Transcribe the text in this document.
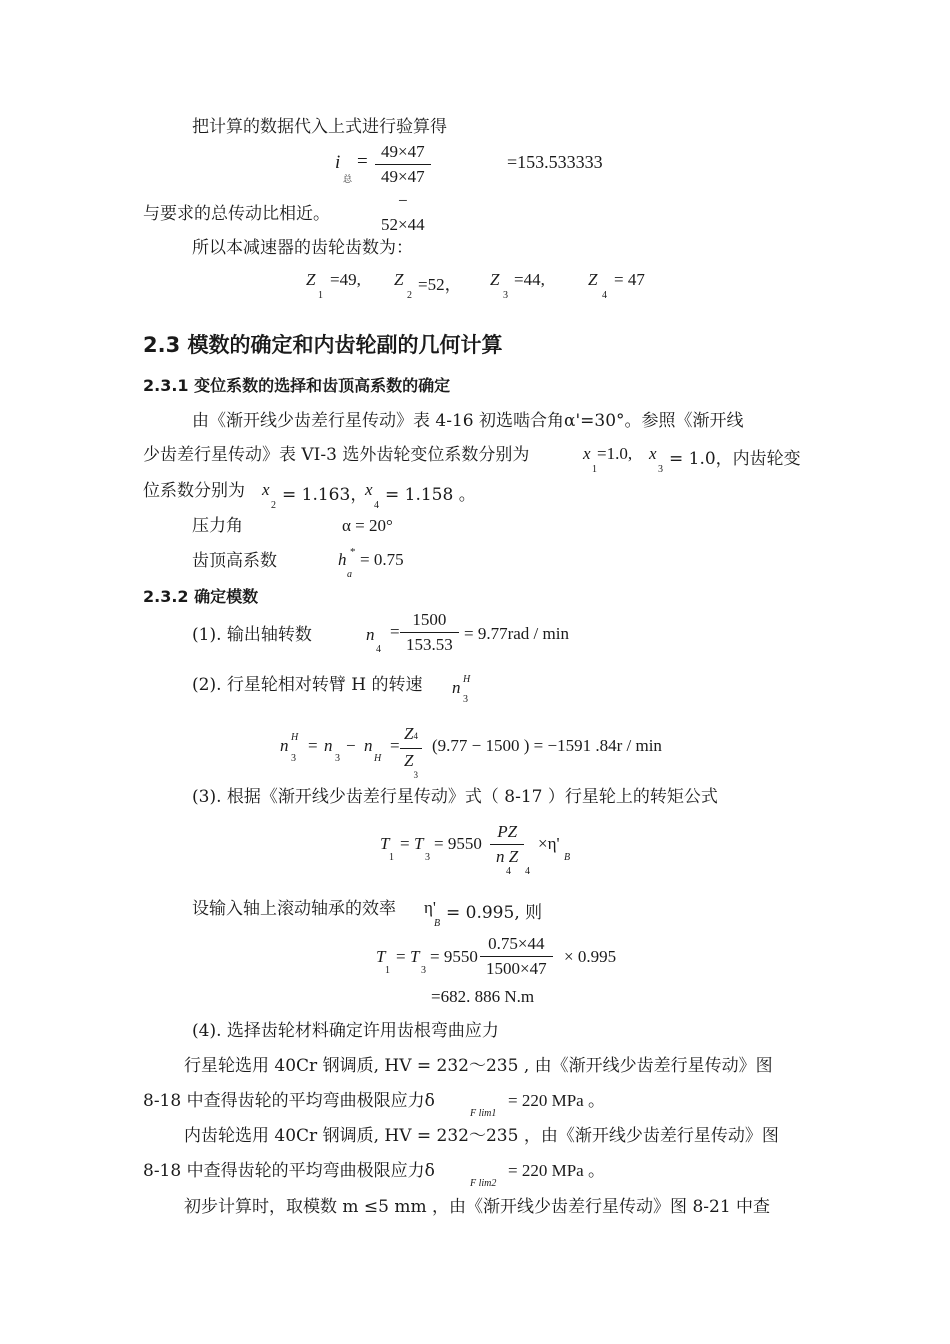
把计算的数据代入上式进行验算得
i
总
= $\frac{49\times 47}{49\times 47 - 52\times 44}$	=153.533333
与要求的总传动比相近。
所以本减速器的齿轮齿数为：
Z
1
=49, Z
2
=52， Z
3
=44,	Z
4
= 47
2.3 模数的确定和内齿轮副的几何计算
2.3.1 变位系数的选择和齿顶高系数的确定
由《渐开线少齿差行星传动》表 4-16 初选啮合角α'=30°。参照《渐开线
少齿差行星传动》表 VI-3 选外齿轮变位系数分别为	x
1
=1.0, x
3
= 1.0，内齿轮变
位系数分别为 x
2
= 1.163，
x
4
= 1.158 。
压力角	α = 20°
齿顶高系数	h
a
* = 0.75
2.3.2 确定模数
(1). 输出轴转数	n
4
= $\frac{1500}{153.53} = 9.77rad / \min$
(2). 行星轮相对转臂 H 的转速 n H
3
n H
3
= n
3
− n
H
= $\frac{Z4}{Z_3} (9.77 - 1500$ ) = −1591 .84r / min
(3). 根据《渐开线少齿差行星传动》式（ 8-17 ）行星轮上的转矩公式
T
1
= T
3
= $9550 \frac{PZ}{\text{n Z}}$
4 4
×η'
B
设输入轴上滚动轴承的效率 η'
B
= 0.995, 则
T
1
= T
3
= $9550 \frac{0.75\times 44}{1500\times 47} \times 0.995$
=682. 886 N.m
(4). 选择齿轮材料确定许用齿根弯曲应力
行星轮选用 40Cr 钢调质, HV = 232～235 , 由《渐开线少齿差行星传动》图
8-18 中查得齿轮的平均弯曲极限应力δ
F lim1
= 220 MPa 。
内齿轮选用 40Cr 钢调质, HV = 232～235 ，由《渐开线少齿差行星传动》图
8-18 中查得齿轮的平均弯曲极限应力δ
F lim2
= 220 MPa 。
初步计算时，取模数 m ≤5 mm ，由《渐开线少齿差行星传动》图 8-21 中查
